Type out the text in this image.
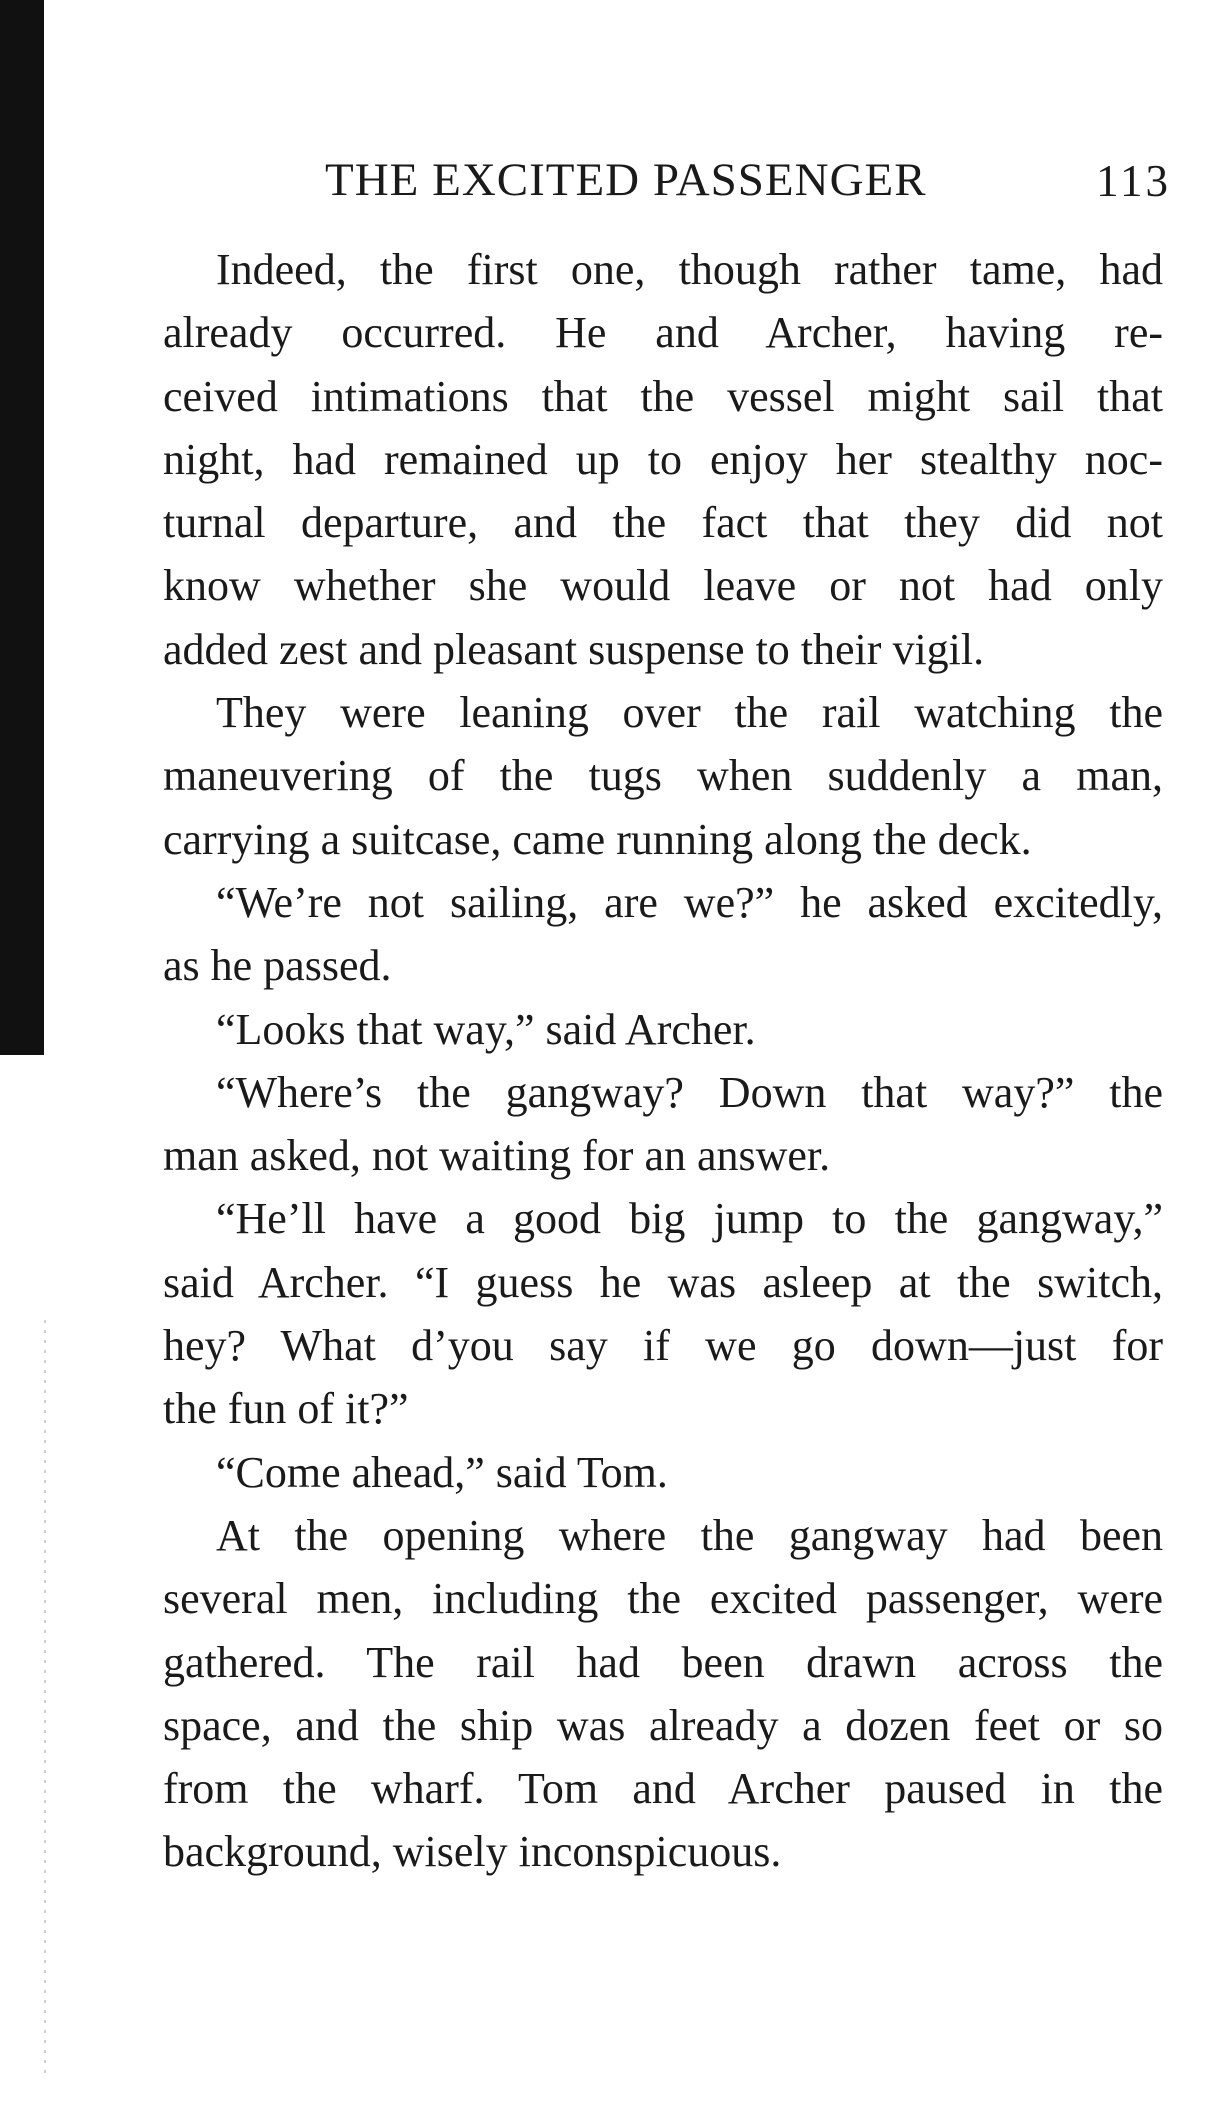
THE EXCITED PASSENGER	113

Indeed, the first one, though rather tame, had
already occurred. He and Archer, having re-
ceived intimations that the vessel might sail that
night, had remained up to enjoy her stealthy noc-
turnal departure, and the fact that they did not
know whether she would leave or not had only
added zest and pleasant suspense to their vigil.

They were leaning over the rail watching the
maneuvering of the tugs when suddenly a man,
carrying a suitcase, came running along the deck.

“We’re not sailing, are we?” he asked excitedly,
as he passed.

“Looks that way,” said Archer.

“Where’s the gangway? Down that way?” the
man asked, not waiting for an answer.

“He’ll have a good big jump to the gangway,”
said Archer. “I guess he was asleep at the switch,
hey? What d’you say if we go down—just for
the fun of it?”

“Come ahead,” said Tom.

At the opening where the gangway had been
several men, including the excited passenger, were
gathered. The rail had been drawn across the
space, and the ship was already a dozen feet or so
from the wharf. Tom and Archer paused in the
background, wisely inconspicuous.
